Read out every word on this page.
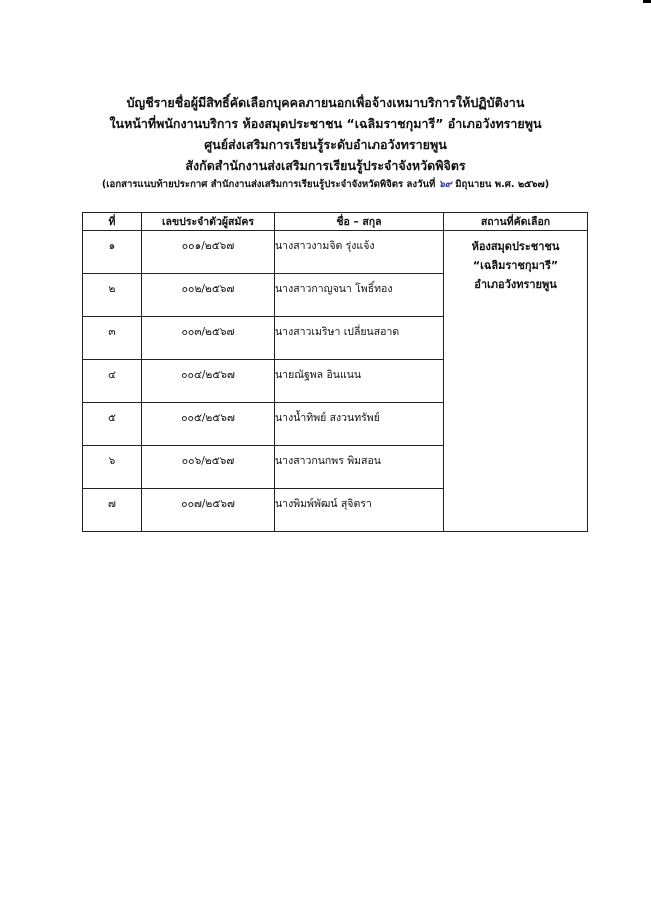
บัญชีรายชื่อผู้มีสิทธิ์คัดเลือกบุคคลภายนอกเพื่อจ้างเหมาบริการให้ปฏิบัติงาน
ในหน้าที่พนักงานบริการ ห้องสมุดประชาชน “เฉลิมราชกุมารี” อำเภอวังทรายพูน
ศูนย์ส่งเสริมการเรียนรู้ระดับอำเภอวังทรายพูน
สังกัดสำนักงานส่งเสริมการเรียนรู้ประจำจังหวัดพิจิตร
(เอกสารแนบท้ายประกาศ สำนักงานส่งเสริมการเรียนรู้ประจำจังหวัดพิจิตร ลงวันที่ ๖๙ มิถุนายน พ.ศ. ๒๕๖๗)
ที่	เลขประจำตัวผู้สมัคร	ชื่อ – สกุล	สถานที่คัดเลือก
๑	๐๐๑/๒๕๖๗	นางสาวงามจิต รุ่งแจ้ง	ห้องสมุดประชาชน
“เฉลิมราชกุมารี”
อำเภอวังทรายพูน

๒	๐๐๒/๒๕๖๗	นางสาวกาญจนา โพธิ์ทอง	
๓	๐๐๓/๒๕๖๗	นางสาวเมริษา เปลี่ยนสอาด	
๔	๐๐๔/๒๕๖๗	นายณัฐพล อินแนน	
๕	๐๐๕/๒๕๖๗	นางน้ำทิพย์ สงวนทรัพย์	
๖	๐๐๖/๒๕๖๗	นางสาวกนกพร พิมสอน	
๗	๐๐๗/๒๕๖๗	นางพิมพ์พัฒน์ สุจิตรา	
